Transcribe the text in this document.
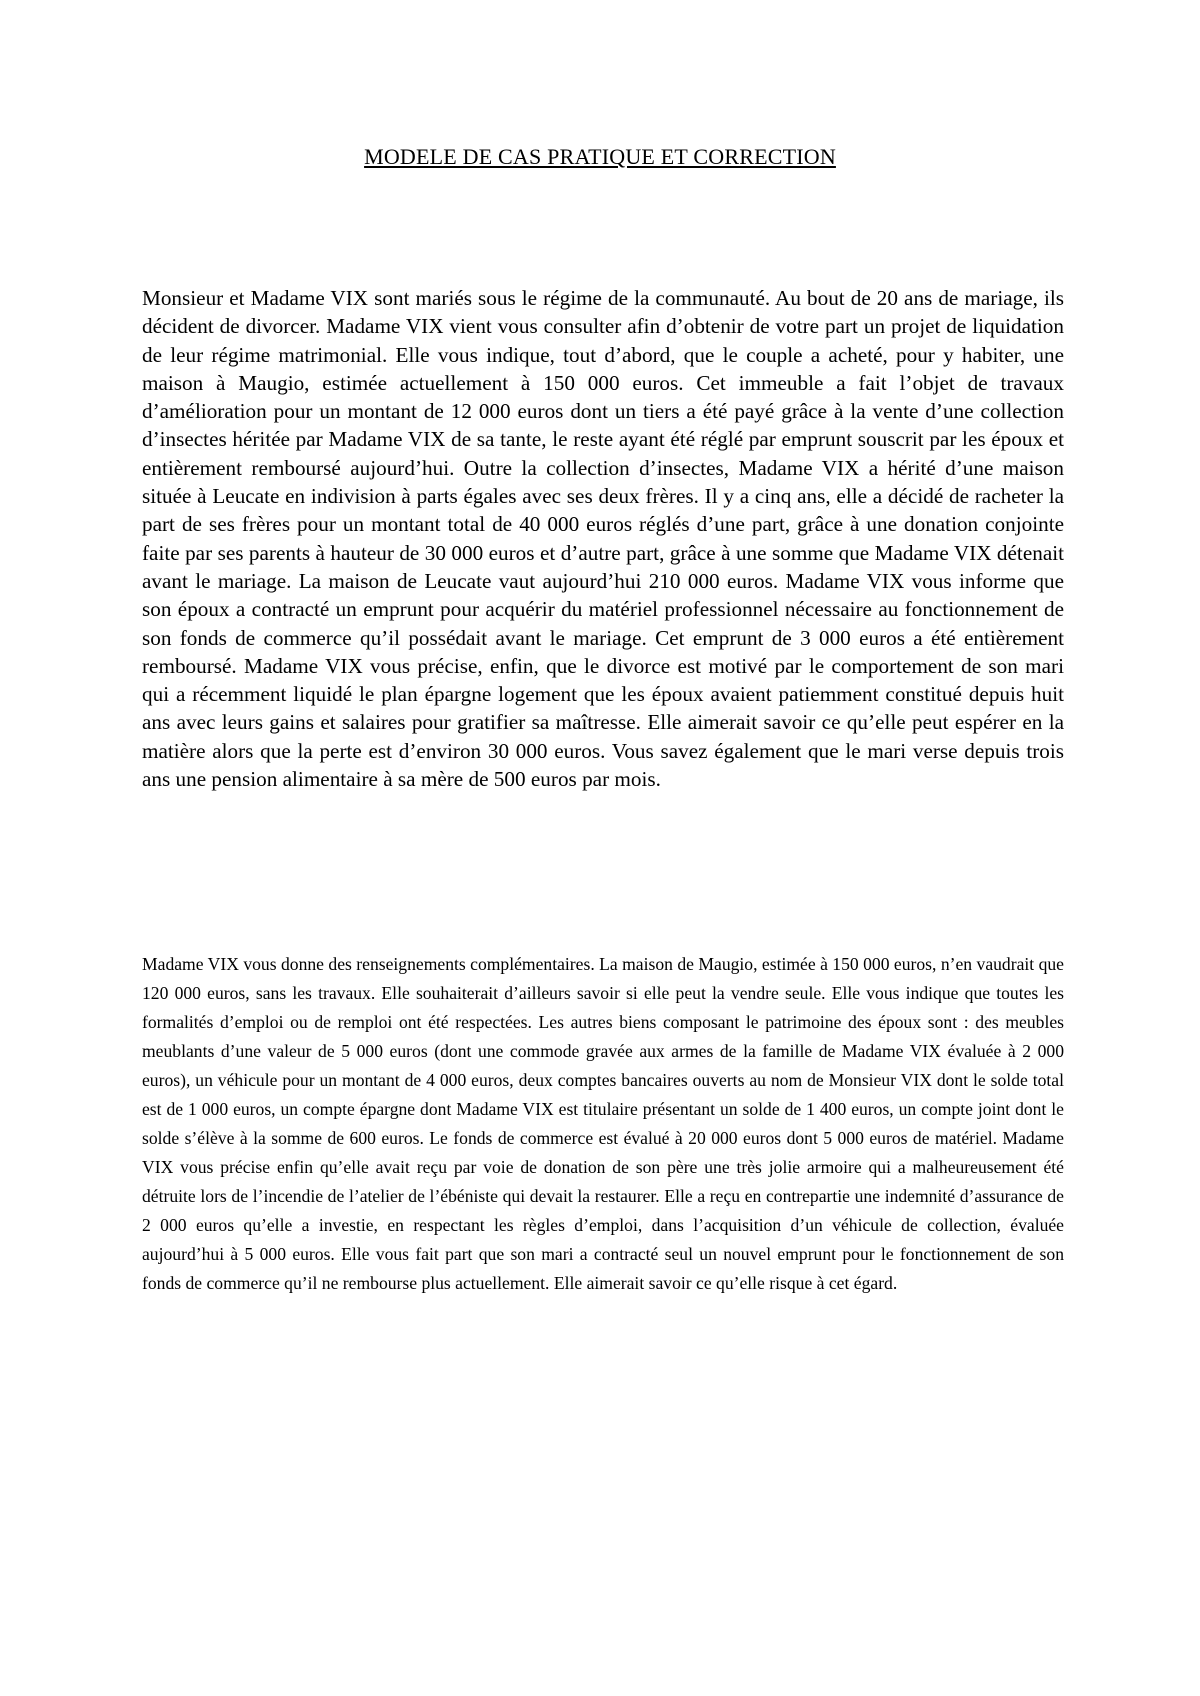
MODELE DE CAS PRATIQUE ET CORRECTION

Monsieur et Madame VIX sont mariés sous le régime de la communauté. Au bout de 20 ans de mariage, ils décident de divorcer. Madame VIX vient vous consulter afin d’obtenir de votre part un projet de liquidation de leur régime matrimonial. Elle vous indique, tout d’abord, que le couple a acheté, pour y habiter, une maison à Maugio, estimée actuellement à 150 000 euros. Cet immeuble a fait l’objet de travaux d’amélioration pour un montant de 12 000 euros dont un tiers a été payé grâce à la vente d’une collection d’insectes héritée par Madame VIX de sa tante, le reste ayant été réglé par emprunt souscrit par les époux et entièrement remboursé aujourd’hui. Outre la collection d’insectes, Madame VIX a hérité d’une maison située à Leucate en indivision à parts égales avec ses deux frères. Il y a cinq ans, elle a décidé de racheter la part de ses frères pour un montant total de 40 000 euros réglés d’une part, grâce à une donation conjointe faite par ses parents à hauteur de 30 000 euros et d’autre part, grâce à une somme que Madame VIX détenait avant le mariage. La maison de Leucate vaut aujourd’hui 210 000 euros. Madame VIX vous informe que son époux a contracté un emprunt pour acquérir du matériel professionnel nécessaire au fonctionnement de son fonds de commerce qu’il possédait avant le mariage. Cet emprunt de 3 000 euros a été entièrement remboursé. Madame VIX vous précise, enfin, que le divorce est motivé par le comportement de son mari qui a récemment liquidé le plan épargne logement que les époux avaient patiemment constitué depuis huit ans avec leurs gains et salaires pour gratifier sa maîtresse. Elle aimerait savoir ce qu’elle peut espérer en la matière alors que la perte est d’environ 30 000 euros. Vous savez également que le mari verse depuis trois ans une pension alimentaire à sa mère de 500 euros par mois.

Madame VIX vous donne des renseignements complémentaires. La maison de Maugio, estimée à 150 000 euros, n’en vaudrait que 120 000 euros, sans les travaux. Elle souhaiterait d’ailleurs savoir si elle peut la vendre seule. Elle vous indique que toutes les formalités d’emploi ou de remploi ont été respectées. Les autres biens composant le patrimoine des époux sont : des meubles meublants d’une valeur de 5 000 euros (dont une commode gravée aux armes de la famille de Madame VIX évaluée à 2 000 euros), un véhicule pour un montant de 4 000 euros, deux comptes bancaires ouverts au nom de Monsieur VIX dont le solde total est de 1 000 euros, un compte épargne dont Madame VIX est titulaire présentant un solde de 1 400 euros, un compte joint dont le solde s’élève à la somme de 600 euros. Le fonds de commerce est évalué à 20 000 euros dont 5 000 euros de matériel. Madame VIX vous précise enfin qu’elle avait reçu par voie de donation de son père une très jolie armoire qui a malheureusement été détruite lors de l’incendie de l’atelier de l’ébéniste qui devait la restaurer. Elle a reçu en contrepartie une indemnité d’assurance de 2 000 euros qu’elle a investie, en respectant les règles d’emploi, dans l’acquisition d’un véhicule de collection, évaluée aujourd’hui à 5 000 euros. Elle vous fait part que son mari a contracté seul un nouvel emprunt pour le fonctionnement de son fonds de commerce qu’il ne rembourse plus actuellement. Elle aimerait savoir ce qu’elle risque à cet égard.
